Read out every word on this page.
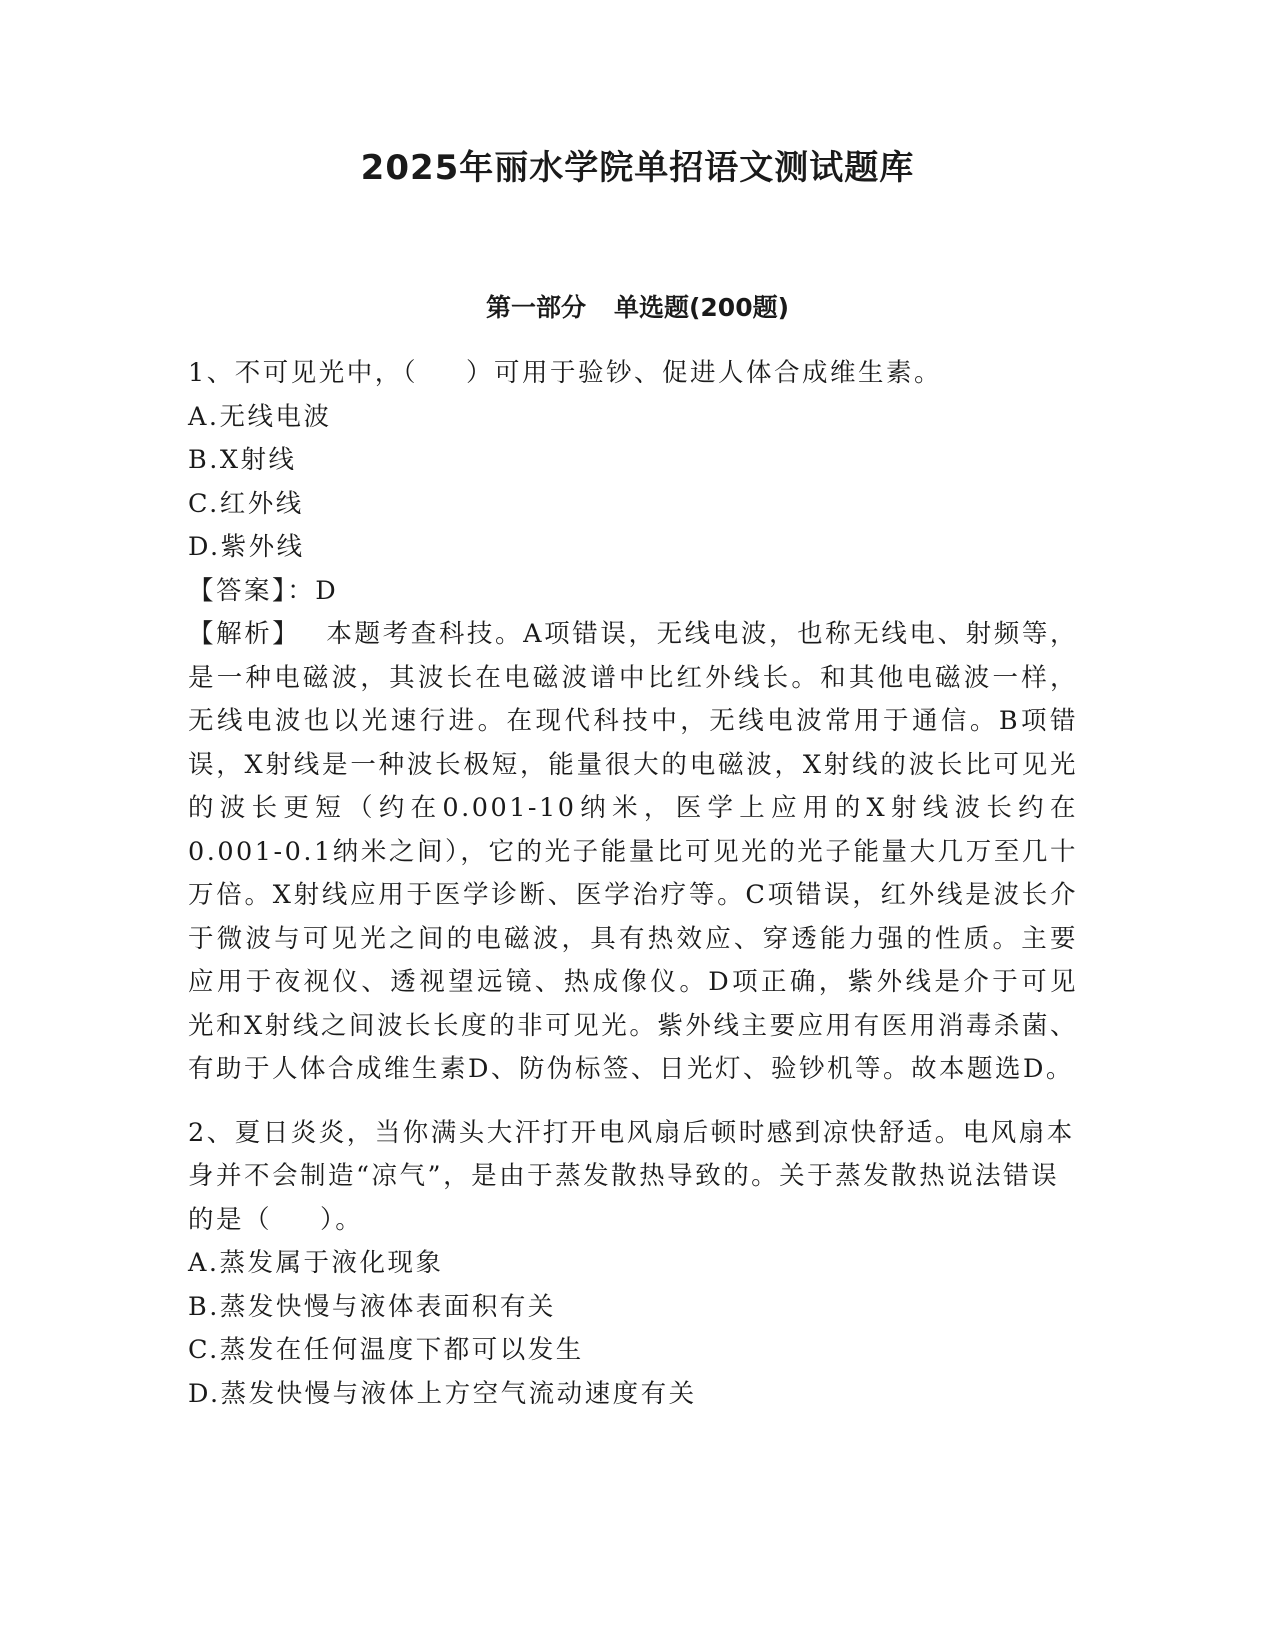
2025年丽水学院单招语文测试题库
第一部分 单选题(200题)

1、不可见光中，（ ）可用于验钞、促进人体合成维生素。

A.无线电波

B.X射线

C.红外线

D.紫外线

【答案】：D

【解析】 本题考查科技。A项错误，无线电波，也称无线电、射频等，是一种电磁波，其波长在电磁波谱中比红外线长。和其他电磁波一样，无线电波也以光速行进。在现代科技中，无线电波常用于通信。B项错误，X射线是一种波长极短，能量很大的电磁波，X射线的波长比可见光的波长更短（约在0.001-10纳米，医学上应用的X射线波长约在0.001-0.1纳米之间），它的光子能量比可见光的光子能量大几万至几十万倍。X射线应用于医学诊断、医学治疗等。C项错误，红外线是波长介于微波与可见光之间的电磁波，具有热效应、穿透能力强的性质。主要应用于夜视仪、透视望远镜、热成像仪。D项正确，紫外线是介于可见光和X射线之间波长长度的非可见光。紫外线主要应用有医用消毒杀菌、有助于人体合成维生素D、防伪标签、日光灯、验钞机等。故本题选D。

2、夏日炎炎，当你满头大汗打开电风扇后顿时感到凉快舒适。电风扇本身并不会制造“凉气”，是由于蒸发散热导致的。关于蒸发散热说法错误的是（ ）。

A.蒸发属于液化现象

B.蒸发快慢与液体表面积有关

C.蒸发在任何温度下都可以发生

D.蒸发快慢与液体上方空气流动速度有关
